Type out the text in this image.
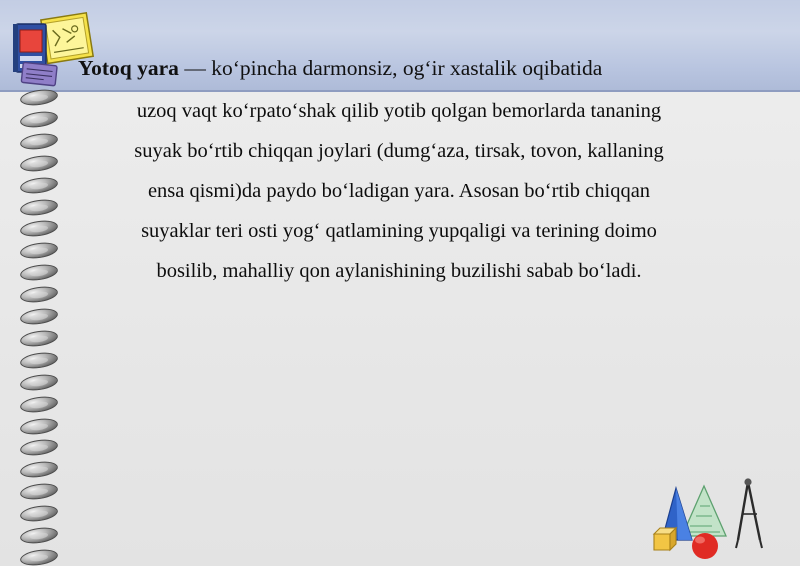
Yotoq yara — ko‘pincha darmonsiz, og‘ir xastalik oqibatida

uzoq vaqt ko‘rpato‘shak qilib yotib qolgan bemorlarda tananing

suyak bo‘rtib chiqqan joylari (dumg‘aza, tirsak, tovon, kallaning

ensa qismi)da paydo bo‘ladigan yara. Asosan bo‘rtib chiqqan

suyaklar teri osti yog‘ qatlamining yupqaligi va terining doimo

bosilib, mahalliy qon aylanishining buzilishi sabab bo‘ladi.
